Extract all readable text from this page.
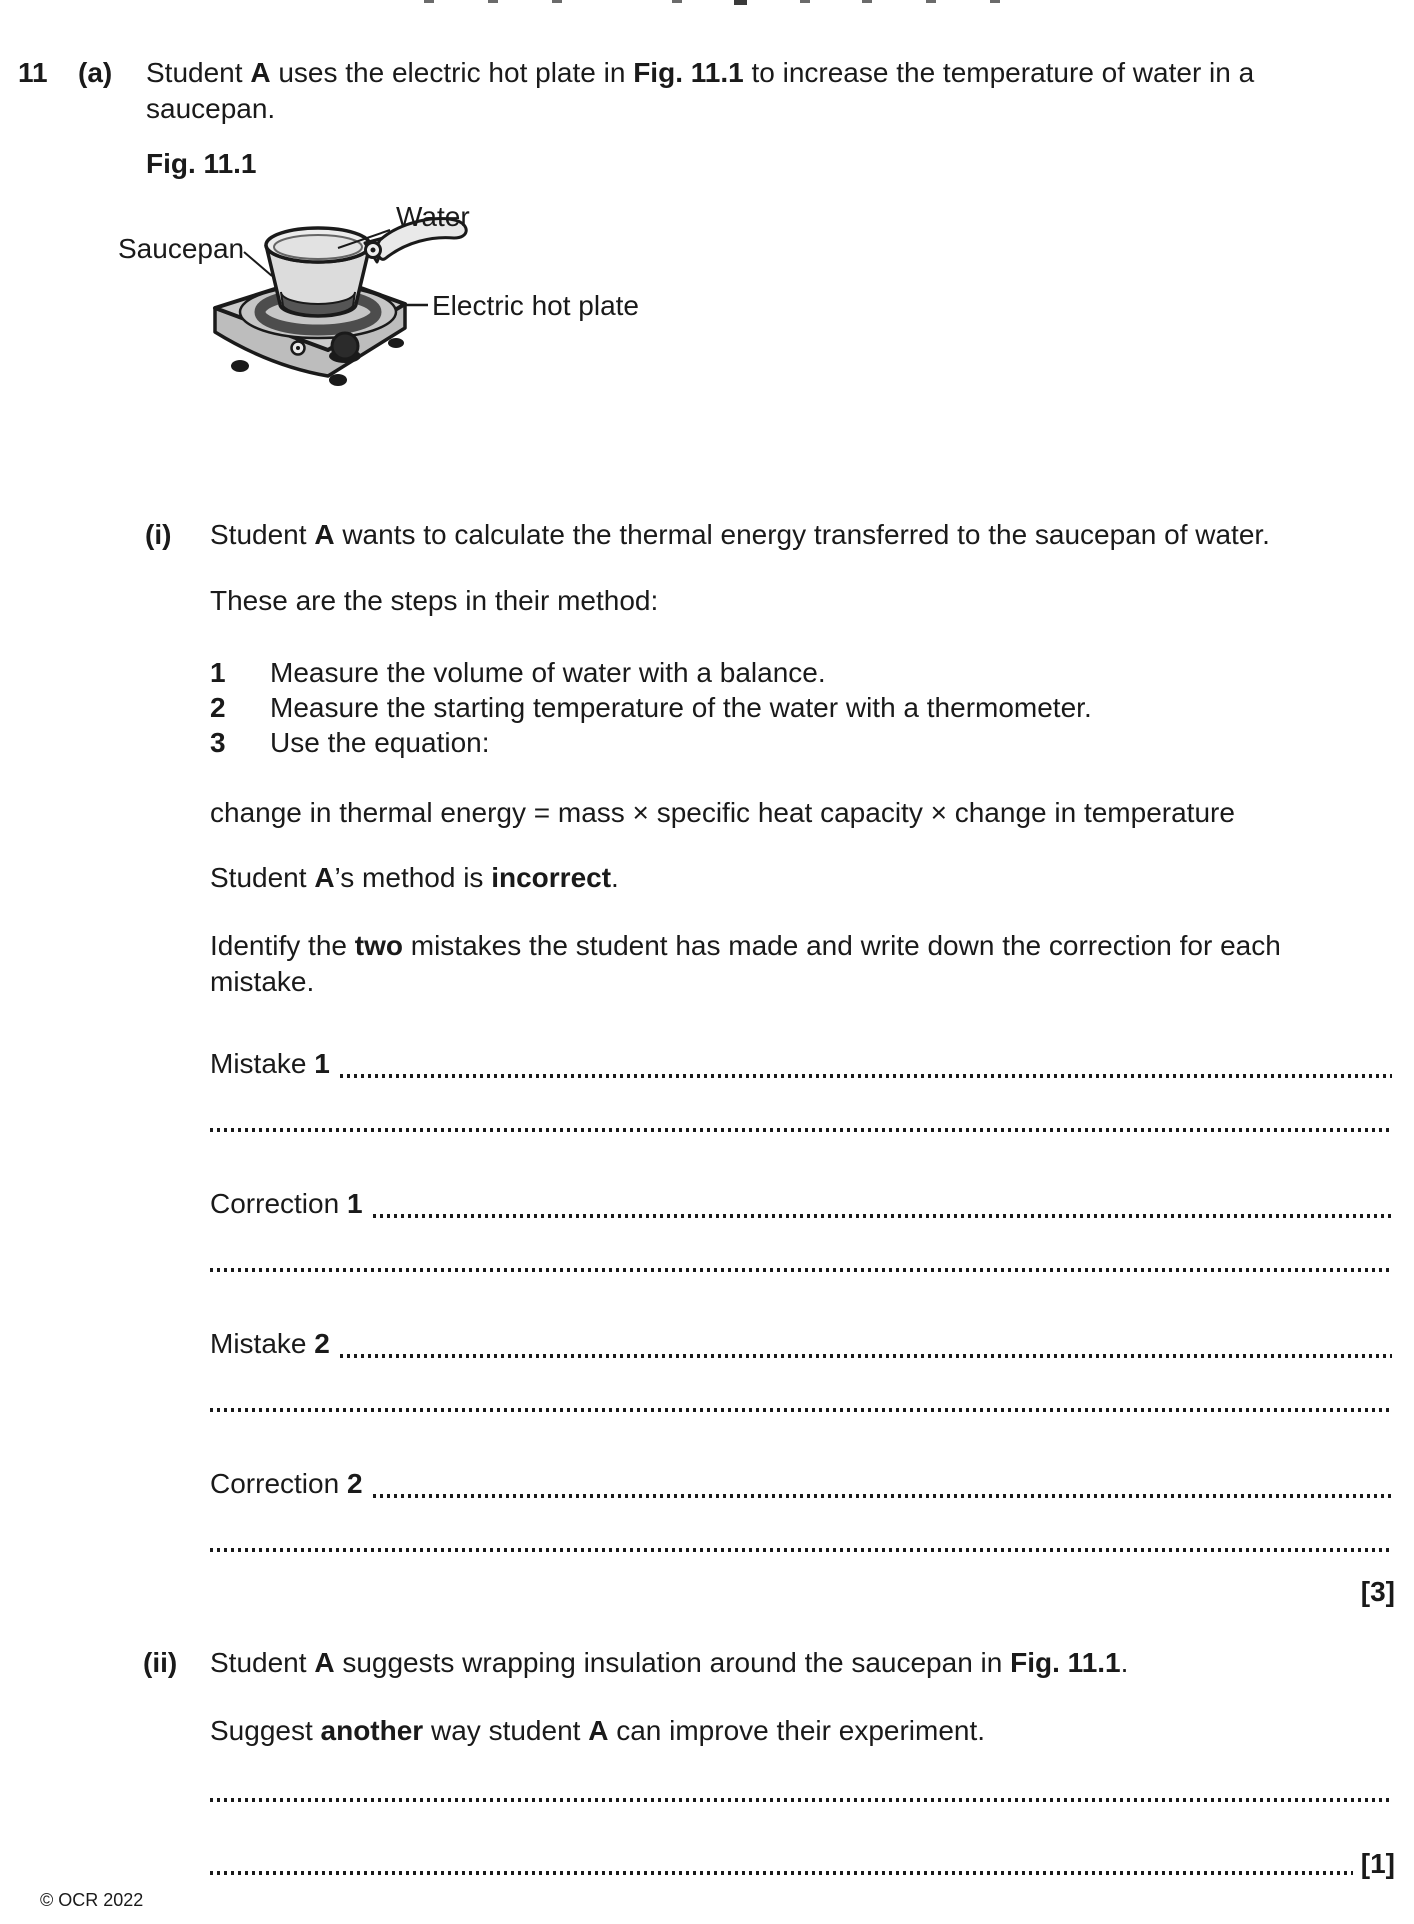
11 (a) Student A uses the electric hot plate in Fig. 11.1 to increase the temperature of water in a
saucepan.
Fig. 11.1
Water
Saucepan
Electric hot plate
(i) Student A wants to calculate the thermal energy transferred to the saucepan of water.
These are the steps in their method:
1	Measure the volume of water with a balance.
2	Measure the starting temperature of the water with a thermometer.
3	Use the equation:
change in thermal energy = mass × specific heat capacity × change in temperature
Student A’s method is incorrect.
Identify the two mistakes the student has made and write down the correction for each
mistake.
Mistake 1
Correction 1
Mistake 2
Correction 2
[3]
(ii) Student A suggests wrapping insulation around the saucepan in Fig. 11.1.
Suggest another way student A can improve their experiment.
[1]
© OCR 2022
